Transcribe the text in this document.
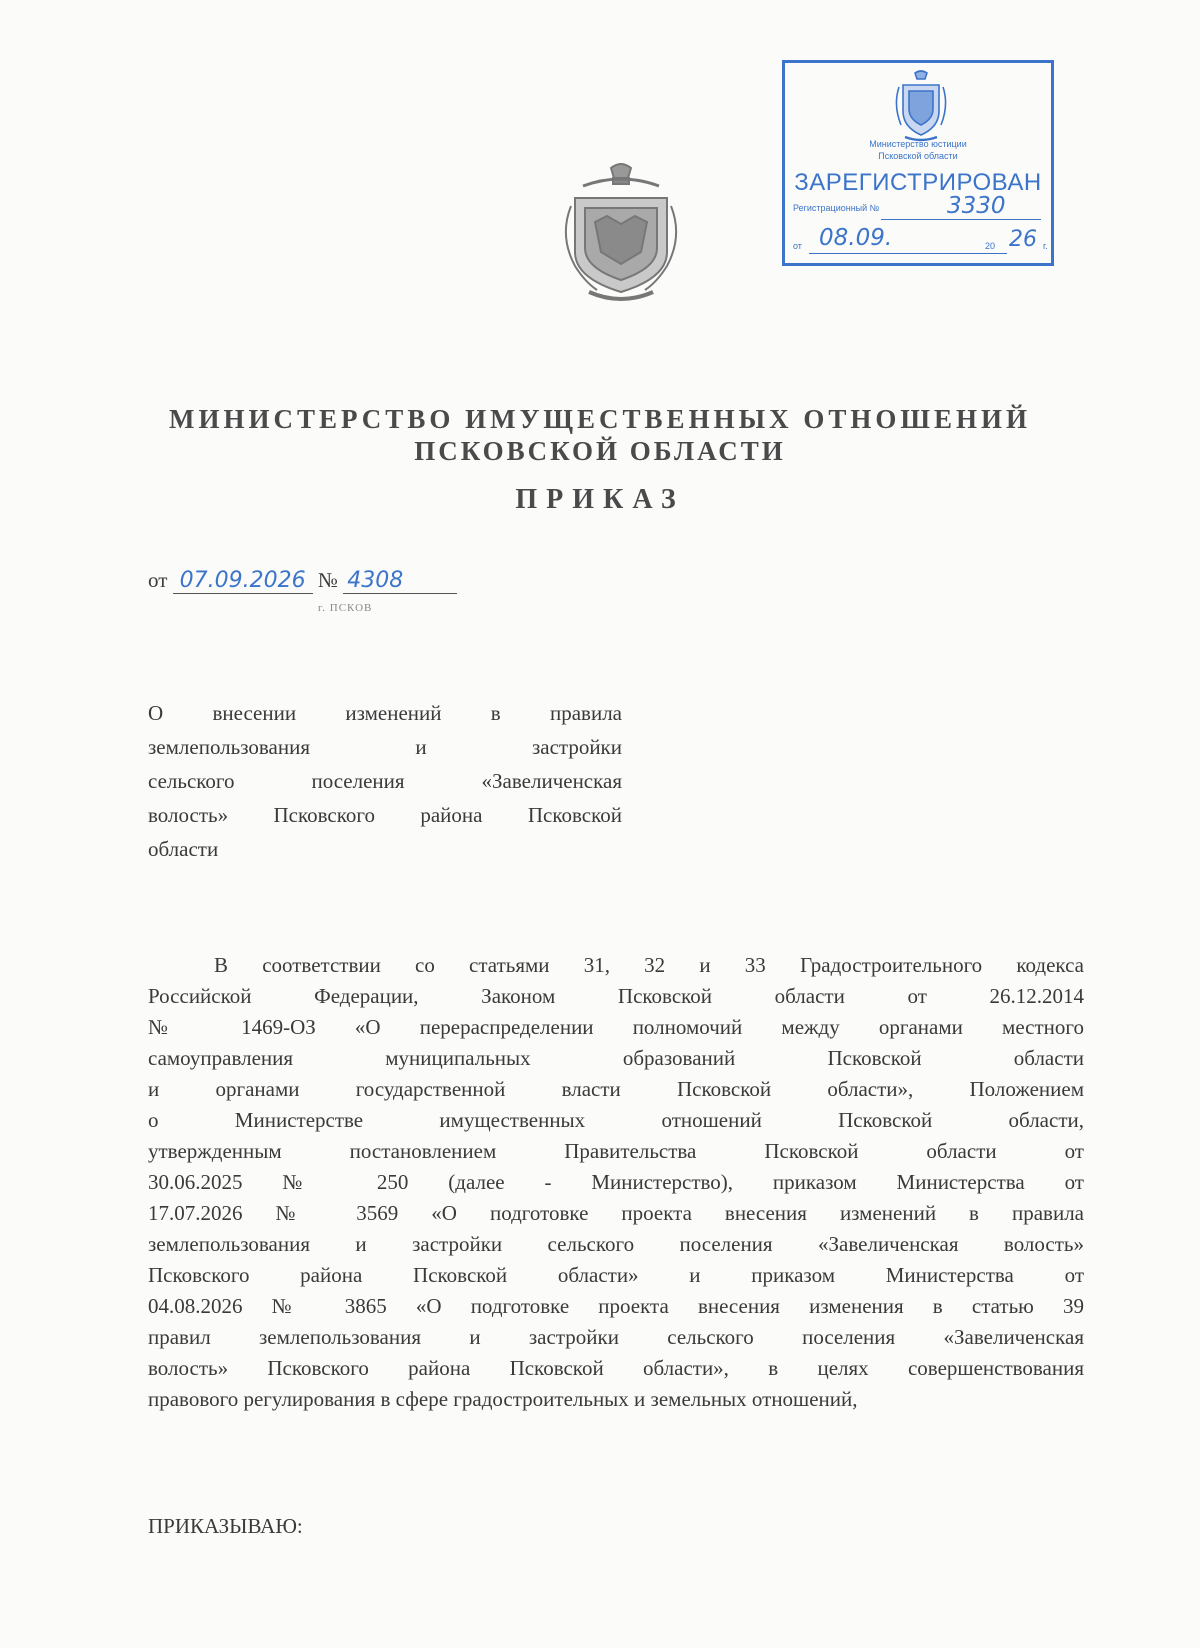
Министерство юстиции
Псковской области
ЗАРЕГИСТРИРОВАН
Регистрационный №	3330
от 08.09.	20 26 г.
МИНИСТЕРСТВО ИМУЩЕСТВЕННЫХ ОТНОШЕНИЙ
ПСКОВСКОЙ ОБЛАСТИ
ПРИКАЗ
от 07.09.2026 № 4308
г. ПСКОВ
О внесении изменений в правила
землепользования и застройки
сельского поселения «Завеличенская
волость» Псковского района Псковской
области
В соответствии со статьями 31, 32 и 33 Градостроительного кодекса
Российской Федерации, Законом Псковской области от 26.12.2014
№ 1469-ОЗ «О перераспределении полномочий между органами местного
самоуправления муниципальных образований Псковской области
и органами государственной власти Псковской области», Положением
о Министерстве имущественных отношений Псковской области,
утвержденным постановлением Правительства Псковской области от
30.06.2025 № 250 (далее - Министерство), приказом Министерства от
17.07.2026 № 3569 «О подготовке проекта внесения изменений в правила
землепользования и застройки сельского поселения «Завеличенская волость»
Псковского района Псковской области» и приказом Министерства от
04.08.2026 № 3865 «О подготовке проекта внесения изменения в статью 39
правил землепользования и застройки сельского поселения «Завеличенская
волость» Псковского района Псковской области», в целях совершенствования
правового регулирования в сфере градостроительных и земельных отношений,
ПРИКАЗЫВАЮ:
